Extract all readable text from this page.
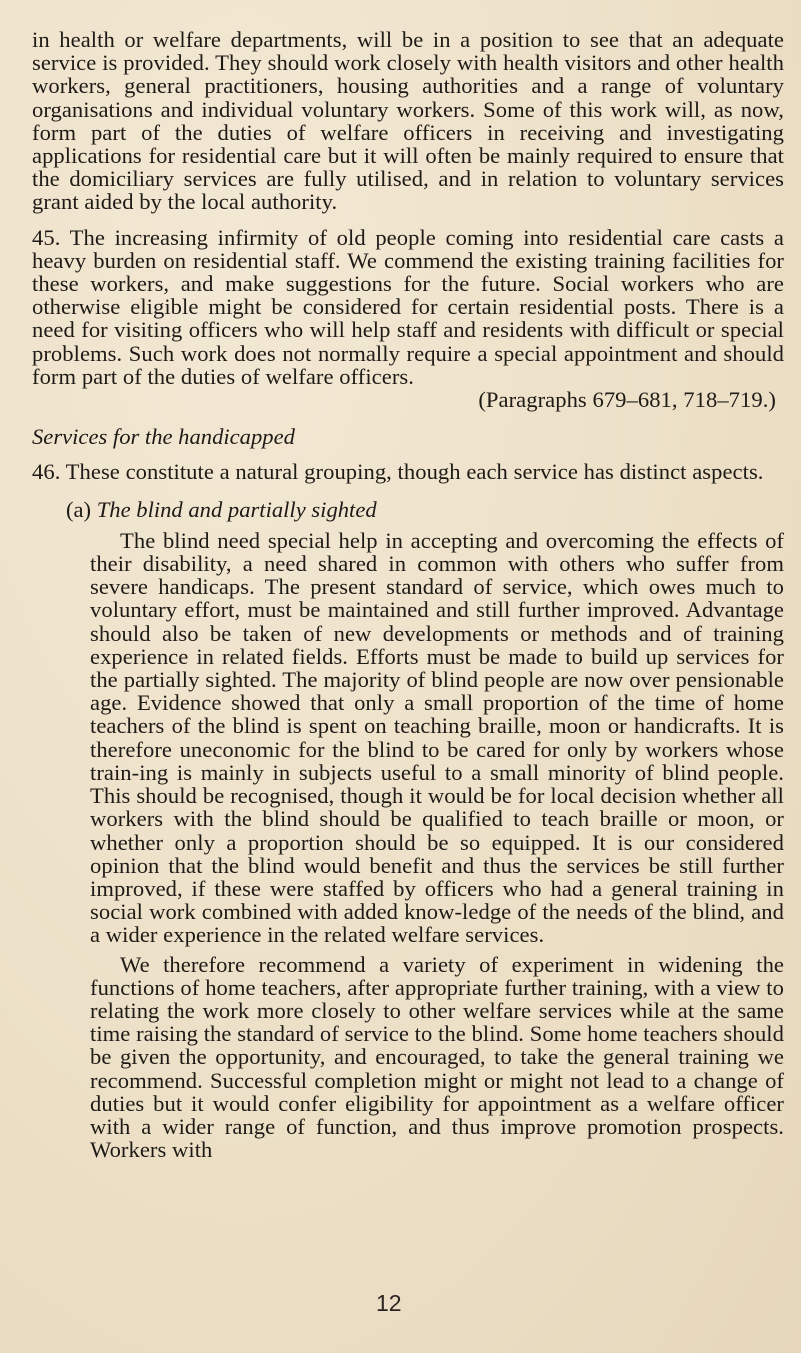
in health or welfare departments, will be in a position to see that an adequate service is provided. They should work closely with health visitors and other health workers, general practitioners, housing authorities and a range of voluntary organisations and individual voluntary workers. Some of this work will, as now, form part of the duties of welfare officers in receiving and investigating applications for residential care but it will often be mainly required to ensure that the domiciliary services are fully utilised, and in relation to voluntary services grant aided by the local authority.

45. The increasing infirmity of old people coming into residential care casts a heavy burden on residential staff. We commend the existing training facilities for these workers, and make suggestions for the future. Social workers who are otherwise eligible might be considered for certain residential posts. There is a need for visiting officers who will help staff and residents with difficult or special problems. Such work does not normally require a special appointment and should form part of the duties of welfare officers.

(Paragraphs 679–681, 718–719.)

Services for the handicapped

46. These constitute a natural grouping, though each service has distinct aspects.

(a) The blind and partially sighted

The blind need special help in accepting and overcoming the effects of their disability, a need shared in common with others who suffer from severe handicaps. The present standard of service, which owes much to voluntary effort, must be maintained and still further improved. Advantage should also be taken of new developments or methods and of training experience in related fields. Efforts must be made to build up services for the partially sighted. The majority of blind people are now over pensionable age. Evidence showed that only a small proportion of the time of home teachers of the blind is spent on teaching braille, moon or handicrafts. It is therefore uneconomic for the blind to be cared for only by workers whose train-ing is mainly in subjects useful to a small minority of blind people. This should be recognised, though it would be for local decision whether all workers with the blind should be qualified to teach braille or moon, or whether only a proportion should be so equipped. It is our considered opinion that the blind would benefit and thus the services be still further improved, if these were staffed by officers who had a general training in social work combined with added know-ledge of the needs of the blind, and a wider experience in the related welfare services.

We therefore recommend a variety of experiment in widening the functions of home teachers, after appropriate further training, with a view to relating the work more closely to other welfare services while at the same time raising the standard of service to the blind. Some home teachers should be given the opportunity, and encouraged, to take the general training we recommend. Successful completion might or might not lead to a change of duties but it would confer eligibility for appointment as a welfare officer with a wider range of function, and thus improve promotion prospects. Workers with

12
